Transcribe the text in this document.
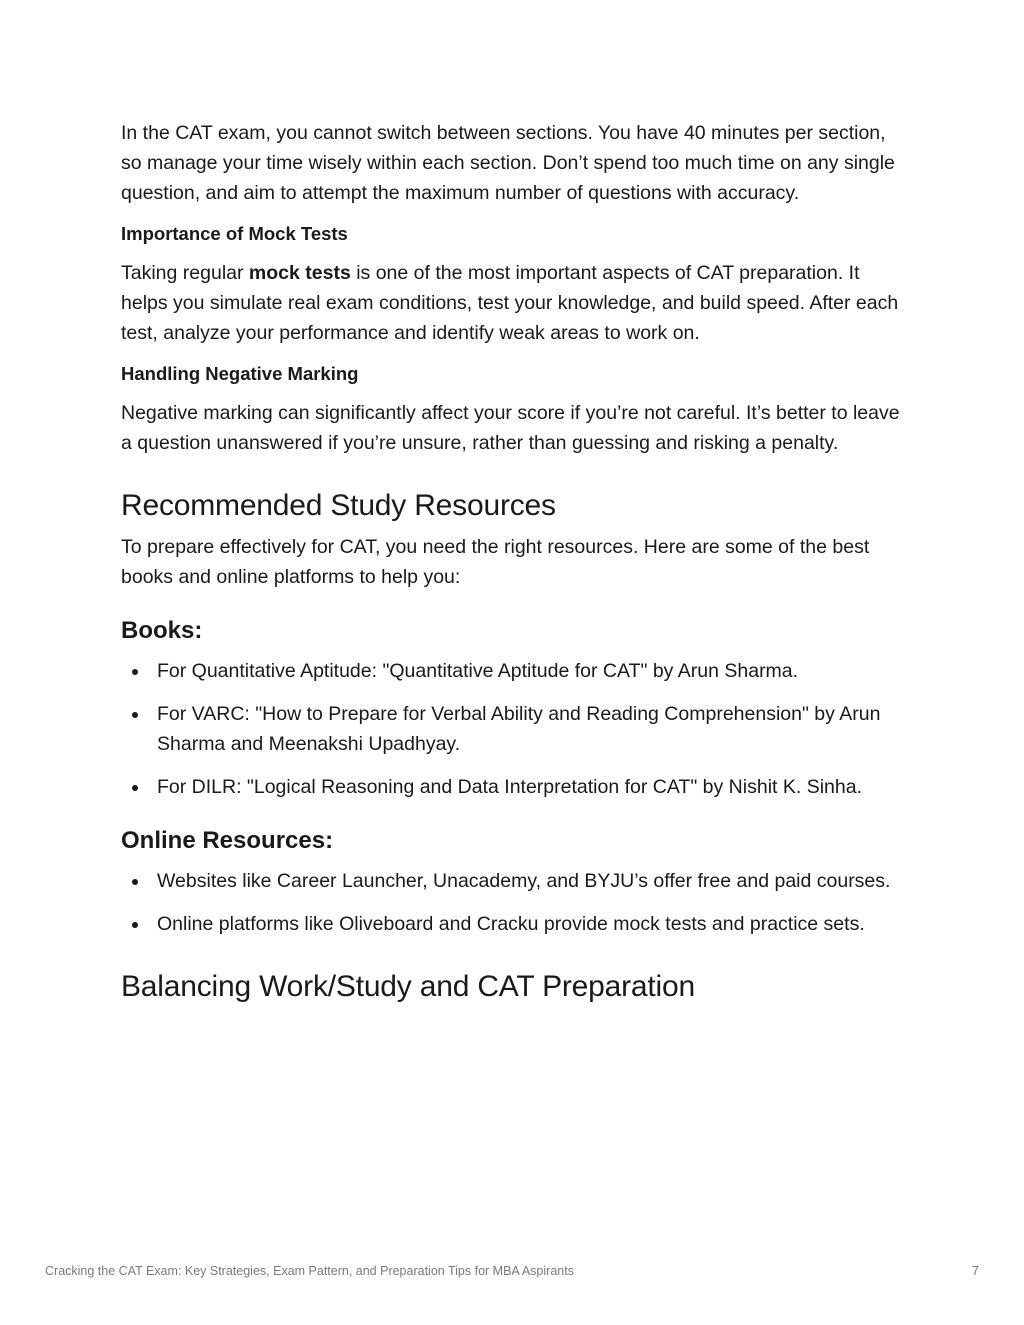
In the CAT exam, you cannot switch between sections. You have 40 minutes per section, so manage your time wisely within each section. Don’t spend too much time on any single question, and aim to attempt the maximum number of questions with accuracy.

Importance of Mock Tests

Taking regular mock tests is one of the most important aspects of CAT preparation. It helps you simulate real exam conditions, test your knowledge, and build speed. After each test, analyze your performance and identify weak areas to work on.

Handling Negative Marking

Negative marking can significantly affect your score if you’re not careful. It’s better to leave a question unanswered if you’re unsure, rather than guessing and risking a penalty.

Recommended Study Resources

To prepare effectively for CAT, you need the right resources. Here are some of the best books and online platforms to help you:

Books:
For Quantitative Aptitude: "Quantitative Aptitude for CAT" by Arun Sharma.
For VARC: "How to Prepare for Verbal Ability and Reading Comprehension" by Arun Sharma and Meenakshi Upadhyay.
For DILR: "Logical Reasoning and Data Interpretation for CAT" by Nishit K. Sinha.
Online Resources:
Websites like Career Launcher, Unacademy, and BYJU’s offer free and paid courses.
Online platforms like Oliveboard and Cracku provide mock tests and practice sets.
Balancing Work/Study and CAT Preparation
Cracking the CAT Exam: Key Strategies, Exam Pattern, and Preparation Tips for MBA Aspirants	7
